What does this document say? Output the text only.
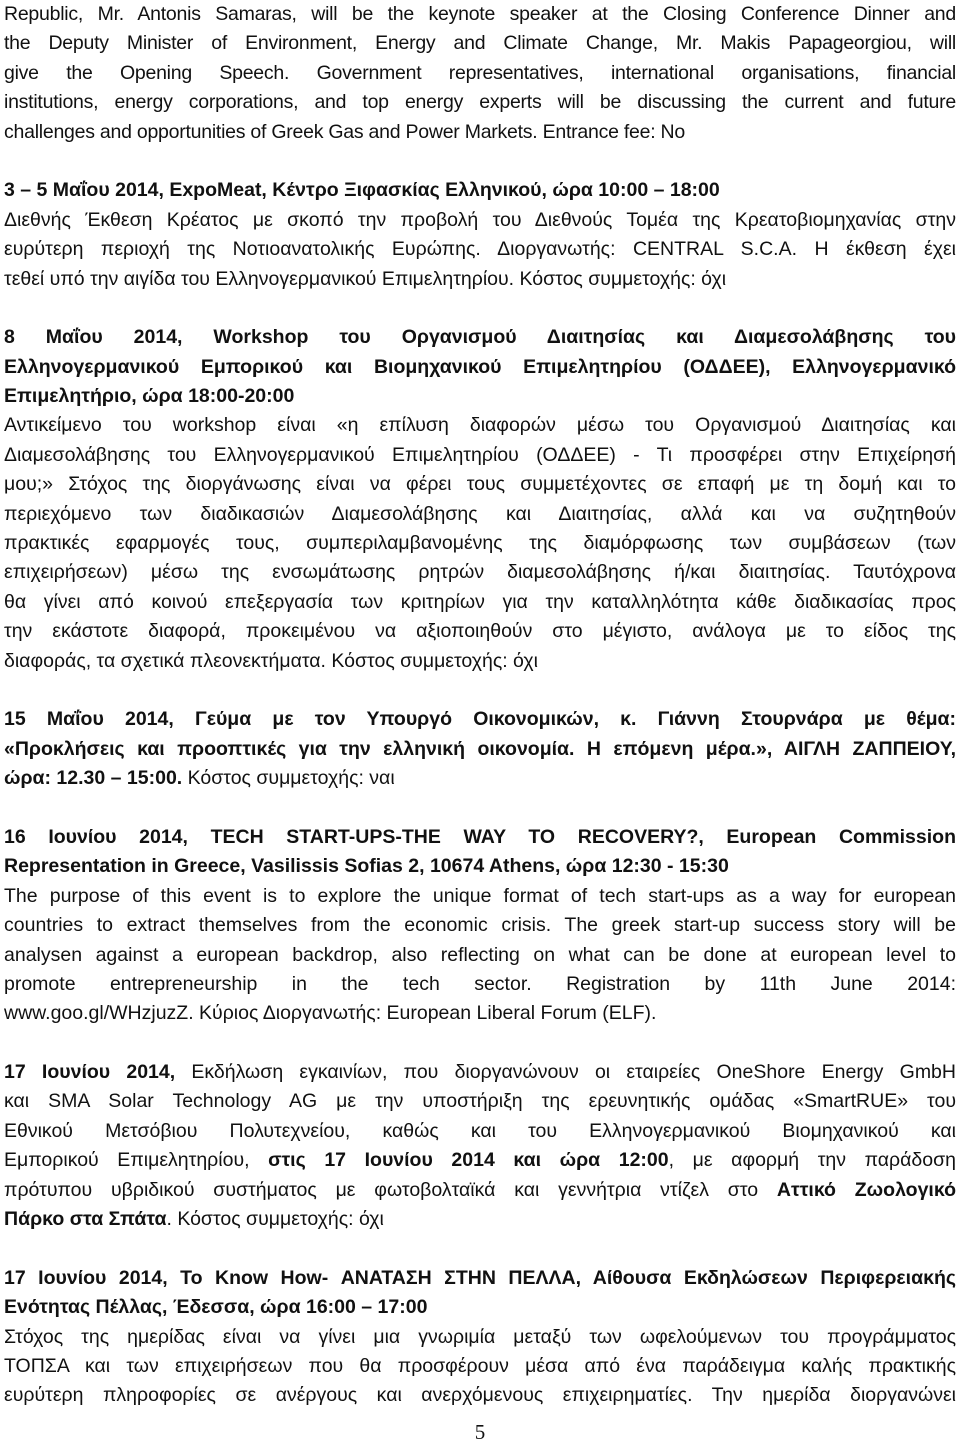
Republic, Mr. Antonis Samaras, will be the keynote speaker at the Closing Conference Dinner and
the Deputy Minister of Environment, Energy and Climate Change, Mr. Makis Papageorgiou, will
give the Opening Speech. Government representatives, international organisations, financial
institutions, energy corporations, and top energy experts will be discussing the current and future
challenges and opportunities of Greek Gas and Power Markets. Entrance fee: No
3 – 5 Μαΐου 2014, ExpoMeat, Κέντρο Ξιφασκίας Ελληνικού, ώρα 10:00 – 18:00
Διεθνής Έκθεση Κρέατος με σκοπό την προβολή του Διεθνούς Τομέα της Κρεατοβιομηχανίας στην
ευρύτερη περιοχή της Νοτιοανατολικής Ευρώπης. Διοργανωτής: CENTRAL S.C.A. Η έκθεση έχει
τεθεί υπό την αιγίδα του Ελληνογερμανικού Επιμελητηρίου. Κόστος συμμετοχής: όχι
8 Μαΐου 2014, Workshop του Οργανισμού Διαιτησίας και Διαμεσολάβησης του
Ελληνογερμανικού Εμπορικού και Βιομηχανικού Επιμελητηρίου (ΟΔΔΕΕ), Ελληνογερμανικό
Επιμελητήριο, ώρα 18:00-20:00
Αντικείμενο του workshop είναι «η επίλυση διαφορών μέσω του Οργανισμού Διαιτησίας και
Διαμεσολάβησης του Ελληνογερμανικού Επιμελητηρίου (ΟΔΔΕΕ) - Τι προσφέρει στην Επιχείρησή
μου;» Στόχος της διοργάνωσης είναι να φέρει τους συμμετέχοντες σε επαφή με τη δομή και το
περιεχόμενο των διαδικασιών Διαμεσολάβησης και Διαιτησίας, αλλά και να συζητηθούν
πρακτικές εφαρμογές τους, συμπεριλαμβανομένης της διαμόρφωσης των συμβάσεων (των
επιχειρήσεων) μέσω της ενσωμάτωσης ρητρών διαμεσολάβησης ή/και διαιτησίας. Ταυτόχρονα
θα γίνει από κοινού επεξεργασία των κριτηρίων για την καταλληλότητα κάθε διαδικασίας προς
την εκάστοτε διαφορά, προκειμένου να αξιοποιηθούν στο μέγιστο, ανάλογα με το είδος της
διαφοράς, τα σχετικά πλεονεκτήματα. Κόστος συμμετοχής: όχι
15 Μαΐου 2014, Γεύμα με τον Υπουργό Οικονομικών, κ. Γιάννη Στουρνάρα με θέμα:
«Προκλήσεις και προοπτικές για την ελληνική οικονομία. Η επόμενη μέρα.», ΑΙΓΛΗ ΖΑΠΠΕΙΟΥ,
ώρα: 12.30 – 15:00. Κόστος συμμετοχής: ναι
16 Ιουνίου 2014, TECH START-UPS-THE WAY TO RECOVERY?, European Commission
Representation in Greece, Vasilissis Sofias 2, 10674 Athens, ώρα 12:30 - 15:30
The purpose of this event is to explore the unique format of tech start-ups as a way for european
countries to extract themselves from the economic crisis. The greek start-up success story will be
analysen against a european backdrop, also reflecting on what can be done at european level to
promote entrepreneurship in the tech sector. Registration by 11th June 2014:
www.goo.gl/WHzjuzZ. Κύριος Διοργανωτής: European Liberal Forum (ELF).
17 Ιουνίου 2014, Εκδήλωση εγκαινίων, που διοργανώνουν οι εταιρείες OneShore Energy GmbH
και SMA Solar Technology AG με την υποστήριξη της ερευνητικής ομάδας «SmartRUE» του
Εθνικού Μετσόβιου Πολυτεχνείου, καθώς και του Ελληνογερμανικού Βιομηχανικού και
Εμπορικού Επιμελητηρίου, στις 17 Ιουνίου 2014 και ώρα 12:00, με αφορμή την παράδοση
πρότυπου υβριδικού συστήματος με φωτοβολταϊκά και γεννήτρια ντίζελ στο Αττικό Ζωολογικό
Πάρκο στα Σπάτα. Κόστος συμμετοχής: όχι
17 Ιουνίου 2014, To Know How- ΑΝΑΤΑΣΗ ΣΤΗΝ ΠΕΛΛΑ, Αίθουσα Εκδηλώσεων Περιφερειακής
Ενότητας Πέλλας, Έδεσσα, ώρα 16:00 – 17:00
Στόχος της ημερίδας είναι να γίνει μια γνωριμία μεταξύ των ωφελούμενων του προγράμματος
ΤΟΠΣΑ και των επιχειρήσεων που θα προσφέρουν μέσα από ένα παράδειγμα καλής πρακτικής
ευρύτερη πληροφορίες σε ανέργους και ανερχόμενους επιχειρηματίες. Την ημερίδα διοργανώνει
5
